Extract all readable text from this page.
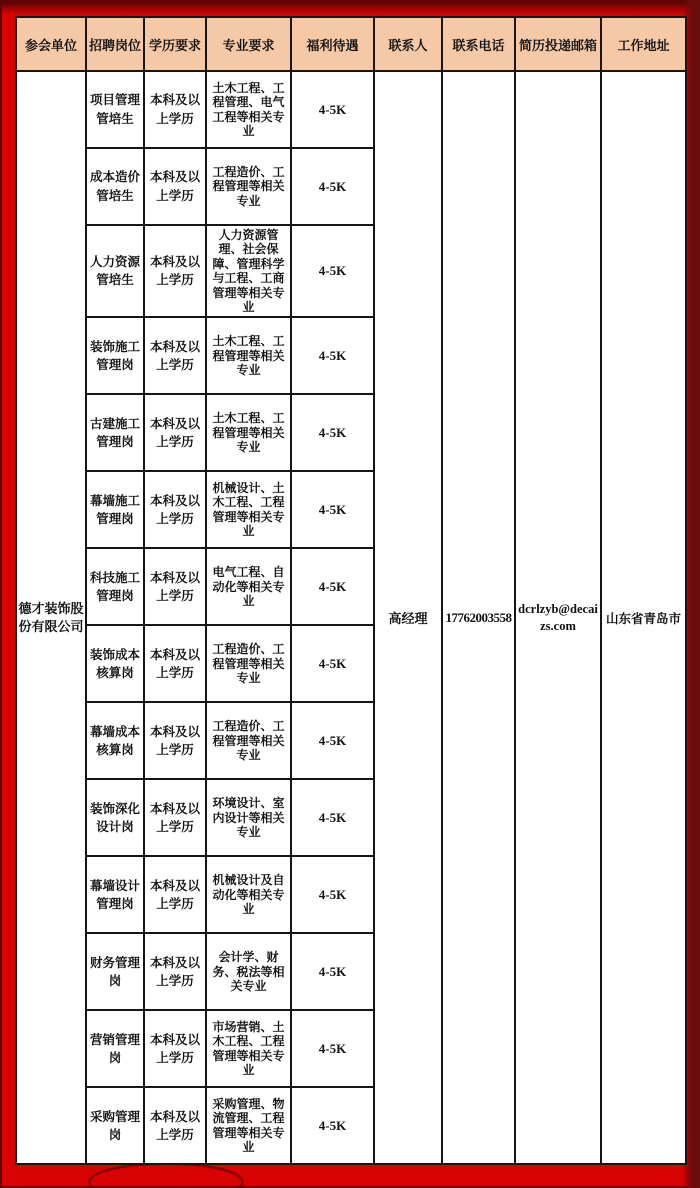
参会单位	招聘岗位	学历要求	专业要求	福利待遇	联系人	联系电话	简历投递邮箱	工作地址
德才装饰股份有限公司	项目管理管培生	本科及以上学历	土木工程、工程管理、电气工程等相关专业	4-5K	高经理	17762003558	dcrlzyb@decaizs.com	山东省青岛市
	成本造价管培生	本科及以上学历	工程造价、工程管理等相关专业	4-5K				
	人力资源管培生	本科及以上学历	人力资源管理、社会保障、管理科学与工程、工商管理等相关专业	4-5K				
	装饰施工管理岗	本科及以上学历	土木工程、工程管理等相关专业	4-5K				
	古建施工管理岗	本科及以上学历	土木工程、工程管理等相关专业	4-5K				
	幕墙施工管理岗	本科及以上学历	机械设计、土木工程、工程管理等相关专业	4-5K				
	科技施工管理岗	本科及以上学历	电气工程、自动化等相关专业	4-5K				
	装饰成本核算岗	本科及以上学历	工程造价、工程管理等相关专业	4-5K				
	幕墙成本核算岗	本科及以上学历	工程造价、工程管理等相关专业	4-5K				
	装饰深化设计岗	本科及以上学历	环境设计、室内设计等相关专业	4-5K				
	幕墙设计管理岗	本科及以上学历	机械设计及自动化等相关专业	4-5K				
	财务管理岗	本科及以上学历	会计学、财务、税法等相关专业	4-5K				
	营销管理岗	本科及以上学历	市场营销、土木工程、工程管理等相关专业	4-5K				
	采购管理岗	本科及以上学历	采购管理、物流管理、工程管理等相关专业	4-5K				
